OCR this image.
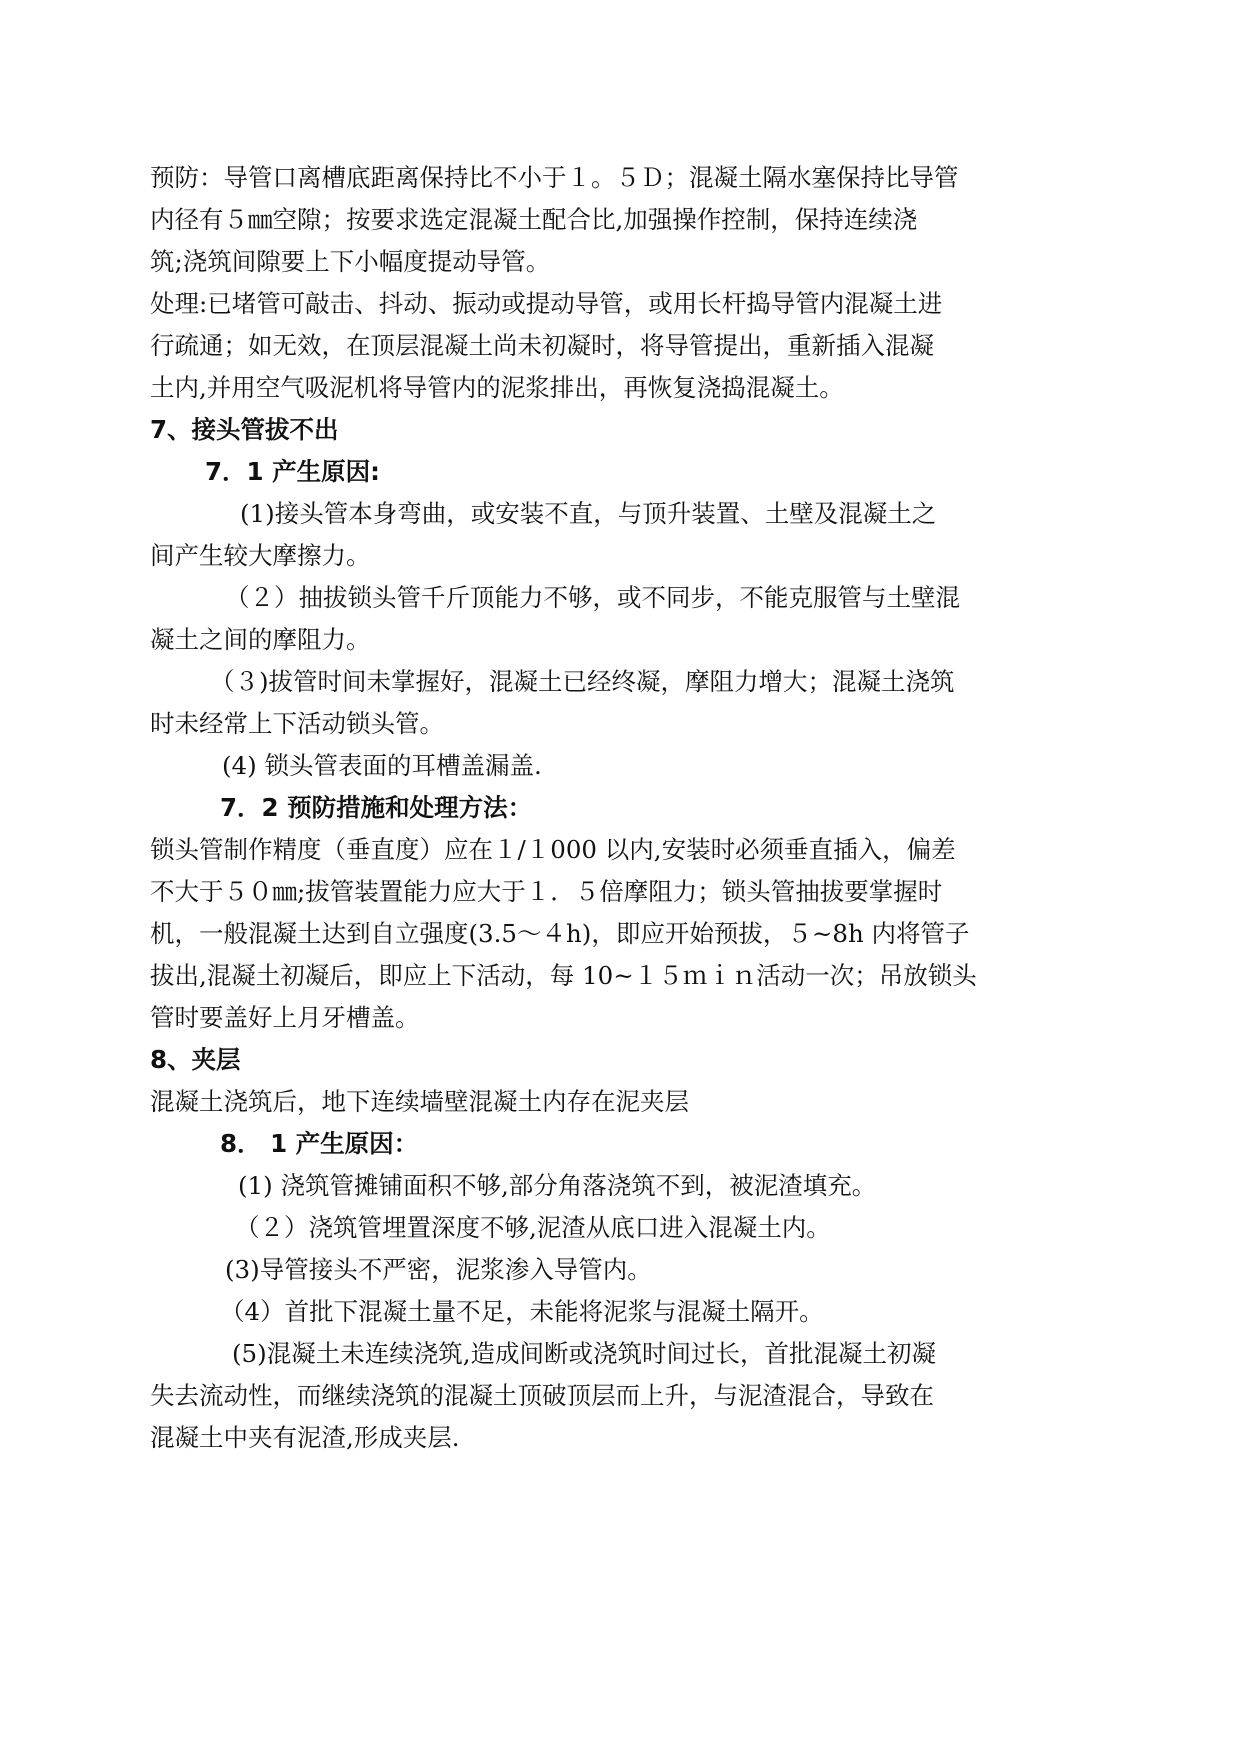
预防：导管口离槽底距离保持比不小于１。５Ｄ；混凝土隔水塞保持比导管
内径有５㎜空隙；按要求选定混凝土配合比,加强操作控制，保持连续浇
筑;浇筑间隙要上下小幅度提动导管。
处理:已堵管可敲击、抖动、振动或提动导管，或用长杆捣导管内混凝土进
行疏通；如无效，在顶层混凝土尚未初凝时，将导管提出，重新插入混凝
土内,并用空气吸泥机将导管内的泥浆排出，再恢复浇捣混凝土。
7、接头管拔不出
7．1 产生原因:
(1)接头管本身弯曲，或安装不直，与顶升装置、土壁及混凝土之
间产生较大摩擦力。
（２）抽拔锁头管千斤顶能力不够，或不同步，不能克服管与土壁混
凝土之间的摩阻力。
（３)拔管时间未掌握好，混凝土已经终凝，摩阻力增大；混凝土浇筑
时未经常上下活动锁头管。
(4) 锁头管表面的耳槽盖漏盖.
7．2 预防措施和处理方法：
锁头管制作精度（垂直度）应在１/１000 以内,安装时必须垂直插入，偏差
不大于５０㎜;拔管装置能力应大于１．５倍摩阻力；锁头管抽拔要掌握时
机，一般混凝土达到自立强度(3.5～４h)，即应开始预拔，５~8h 内将管子
拔出,混凝土初凝后，即应上下活动，每 10~１５ｍｉｎ活动一次；吊放锁头
管时要盖好上月牙槽盖。
8、夹层
混凝土浇筑后，地下连续墙壁混凝土内存在泥夹层
8． 1 产生原因：
(1) 浇筑管摊铺面积不够,部分角落浇筑不到，被泥渣填充。
（２）浇筑管埋置深度不够,泥渣从底口进入混凝土内。
(3)导管接头不严密，泥浆渗入导管内。
（4）首批下混凝土量不足，未能将泥浆与混凝土隔开。
(5)混凝土未连续浇筑,造成间断或浇筑时间过长，首批混凝土初凝
失去流动性，而继续浇筑的混凝土顶破顶层而上升，与泥渣混合，导致在
混凝土中夹有泥渣,形成夹层.
